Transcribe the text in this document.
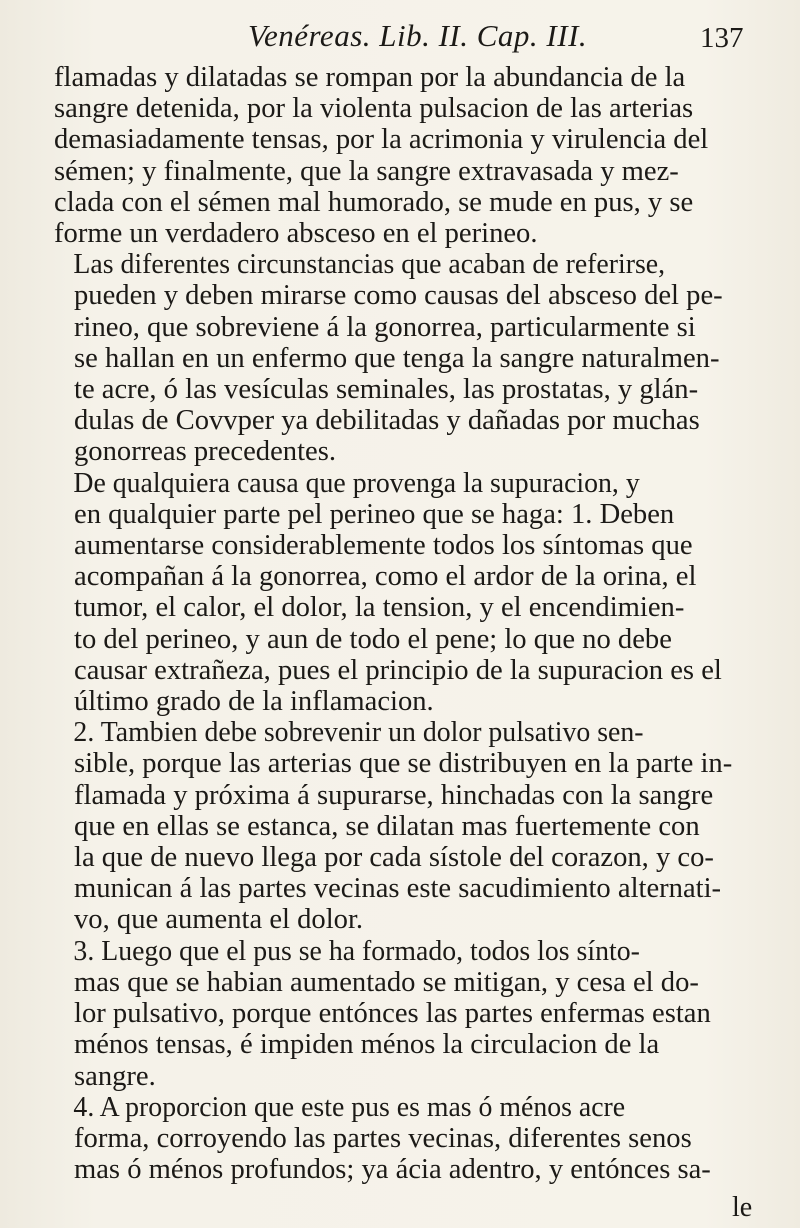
Venéreas. Lib. II. Cap. III.	137

flamadas y dilatadas se rompan por la abundancia de la
sangre detenida, por la violenta pulsacion de las arterias
demasiadamente tensas, por la acrimonia y virulencia del
sémen; y finalmente, que la sangre extravasada y mez-
clada con el sémen mal humorado, se mude en pus, y se
forme un verdadero absceso en el perineo.

Las diferentes circunstancias que acaban de referirse,
pueden y deben mirarse como causas del absceso del pe-
rineo, que sobreviene á la gonorrea, particularmente si
se hallan en un enfermo que tenga la sangre naturalmen-
te acre, ó las vesículas seminales, las prostatas, y glán-
dulas de Covvper ya debilitadas y dañadas por muchas
gonorreas precedentes.

De qualquiera causa que provenga la supuracion, y
en qualquier parte pel perineo que se haga: 1. Deben
aumentarse considerablemente todos los síntomas que
acompañan á la gonorrea, como el ardor de la orina, el
tumor, el calor, el dolor, la tension, y el encendimien-
to del perineo, y aun de todo el pene; lo que no debe
causar extrañeza, pues el principio de la supuracion es el
último grado de la inflamacion.

2. Tambien debe sobrevenir un dolor pulsativo sen-
sible, porque las arterias que se distribuyen en la parte in-
flamada y próxima á supurarse, hinchadas con la sangre
que en ellas se estanca, se dilatan mas fuertemente con
la que de nuevo llega por cada sístole del corazon, y co-
munican á las partes vecinas este sacudimiento alternati-
vo, que aumenta el dolor.

3. Luego que el pus se ha formado, todos los sínto-
mas que se habian aumentado se mitigan, y cesa el do-
lor pulsativo, porque entónces las partes enfermas estan
ménos tensas, é impiden ménos la circulacion de la
sangre.

4. A proporcion que este pus es mas ó ménos acre
forma, corroyendo las partes vecinas, diferentes senos
mas ó ménos profundos; ya ácia adentro, y entónces sa-

le
